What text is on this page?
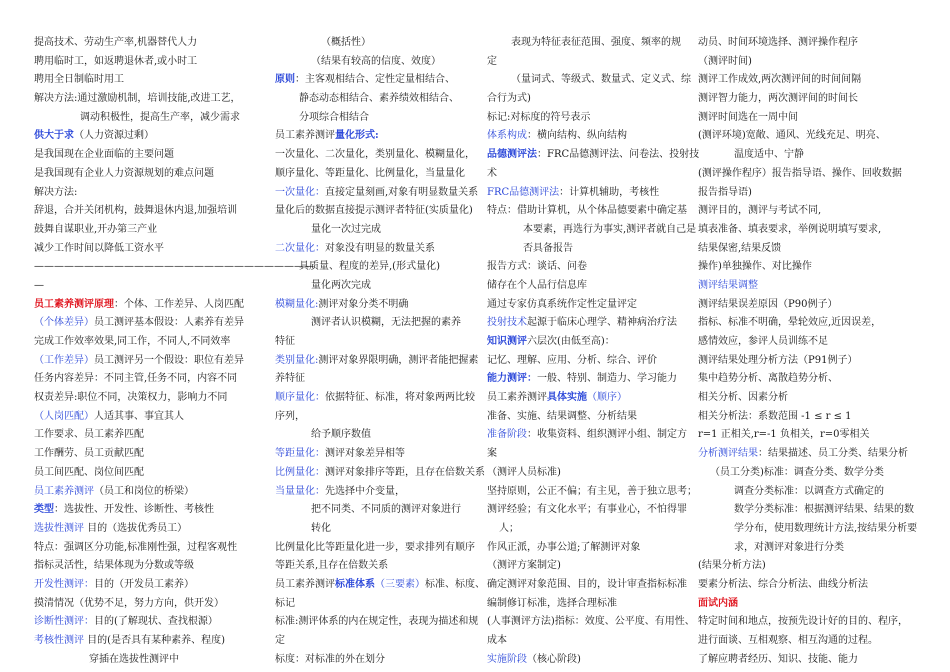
提高技术、劳动生产率,机器替代人力
聘用临时工，如返聘退休者,或小时工
聘用全日制临时用工
解决方法:通过激励机制，培训技能,改进工艺，
调动积极性，提高生产率，减少需求
供大于求（人力资源过剩）
是我国现在企业面临的主要问题
是我国现有企业人力资源规划的难点问题
解决方法:
辞退，合并关闭机构，鼓舞退休内退,加强培训
鼓舞自谋职业,开办第三产业
减少工作时间以降低工资水平
————————————————————————————
—
员工素养测评原理：个体、工作差异、人岗匹配
（个体差异）员工测评基本假设：人素养有差异
完成工作效率效果,同工作，不同人,不同效率
（工作差异）员工测评另一个假设：职位有差异
任务内容差异：不同主管,任务不同，内容不同
权责差异:职位不同，决策权力，影响力不同
（人岗匹配）人适其事、事宜其人
工作要求、员工素养匹配
工作酬劳、员工贡献匹配
员工间匹配、岗位间匹配
员工素养测评（员工和岗位的桥梁）
类型：选拔性、开发性、诊断性、考核性
选拔性测评 目的（选拔优秀员工）
特点：强调区分功能,标准刚性强，过程客观性
指标灵活性，结果体现为分数或等级
开发性测评：目的（开发员工素养）
摸清情况（优势不足，努力方向，供开发）
诊断性测评：目的(了解现状、查找根源）
考核性测评 目的(是否具有某种素养、程度)
穿插在选拔性测评中
（概括性）
（结果有较高的信度、效度）
原则：主客观相结合、定性定量相结合、
静态动态相结合、素养绩效相结合、
分项综合相结合
员工素养测评量化形式:
一次量化、二次量化，类别量化、模糊量化，
顺序量化、等距量化、比例量化，当量量化
一次量化：直接定量刻画,对象有明显数量关系
量化后的数据直接提示测评者特征(实质量化)
量化一次过完成
二次量化：对象没有明显的数量关系
具质量、程度的差异,(形式量化)
量化两次完成
模糊量化:测评对象分类不明确
测评者认识模糊，无法把握的素养
特征
类别量化:测评对象界限明确，测评者能把握素
养特征
顺序量化：依据特征、标准，将对象两两比较
序列，
给予顺序数值
等距量化：测评对象差异相等
比例量化：测评对象排序等距，且存在倍数关系
当量量化：先选择中介变量，
把不同类、不同质的测评对象进行
转化
比例量化比等距量化进一步，要求排列有顺序
等距关系,且存在倍数关系
员工素养测评标准体系（三要素）标准、标度、
标记
标准:测评体系的内在规定性，表现为描述和规
定
标度：对标准的外在划分
表现为特征表征范围、强度、频率的规
定
（量词式、等级式、数量式、定义式、综
合行为式)
标记:对标度的符号表示
体系构成：横向结构、纵向结构
品德测评法：FRC品德测评法、问卷法、投射技
术
FRC品德测评法：计算机辅助，考核性
特点：借助计算机，从个体品德要素中确定基
本要素，再选行为事实,测评者就自己是
否具备报告
报告方式：谈话、问卷
储存在个人品行信息库
通过专家仿真系统作定性定量评定
投射技术起源于临床心理学、精神病治疗法
知识测评六层次(由低至高)：
记忆、理解、应用、分析、综合、评价
能力测评：一般、特别、制造力、学习能力
员工素养测评具体实施（顺序）
准备、实施、结果调整、分析结果
准备阶段：收集资料、组织测评小组、制定方
案
（测评人员标准)
坚持原则，公正不偏；有主见，善于独立思考；
测评经验；有文化水平；有事业心，不怕得罪
人；
作风正派，办事公道;了解测评对象
（测评方案制定)
确定测评对象范围、目的，设计审查指标标准
编制修订标准，选择合理标准
(人事测评方法)指标：效度、公平度、有用性、
成本
实施阶段（核心阶段)
动员、时间环境选择、测评操作程序
（测评时间)
测评工作成效,两次测评间的时间间隔
测评智力能力，两次测评间的时间长
测评时间选在一周中间
(测评环境)宽敞、通风、光线充足、明亮、
温度适中、宁静
(测评操作程序）报告指导语、操作、回收数据
报告指导语)
测评目的，测评与考试不同,
填表准备、填表要求，举例说明填写要求,
结果保密,结果反馈
操作)单独操作、对比操作
测评结果调整
测评结果误差原因（P90例子）
指标、标准不明确，晕轮效应,近因误差，
感情效应，参评人员训练不足
测评结果处理分析方法（P91例子）
集中趋势分析、离散趋势分析、
相关分析、因素分析
相关分析法：系数范围 -1 ≤ r ≤ 1
r=1 正相关,r=-1 负相关，r=0零相关
分析测评结果：结果描述、员工分类、结果分析
（员工分类)标准：调查分类、数学分类
调查分类标准：以调查方式确定的
数学分类标准：根据测评结果、结果的数
学分布，使用数理统计方法,按结果分析要
求，对测评对象进行分类
(结果分析方法)
要素分析法、综合分析法、曲线分析法
面试内涵
特定时间和地点，按预先设计好的目的、程序，
进行面谈、互相观察、相互沟通的过程。
了解应聘者经历、知识、技能、能力
